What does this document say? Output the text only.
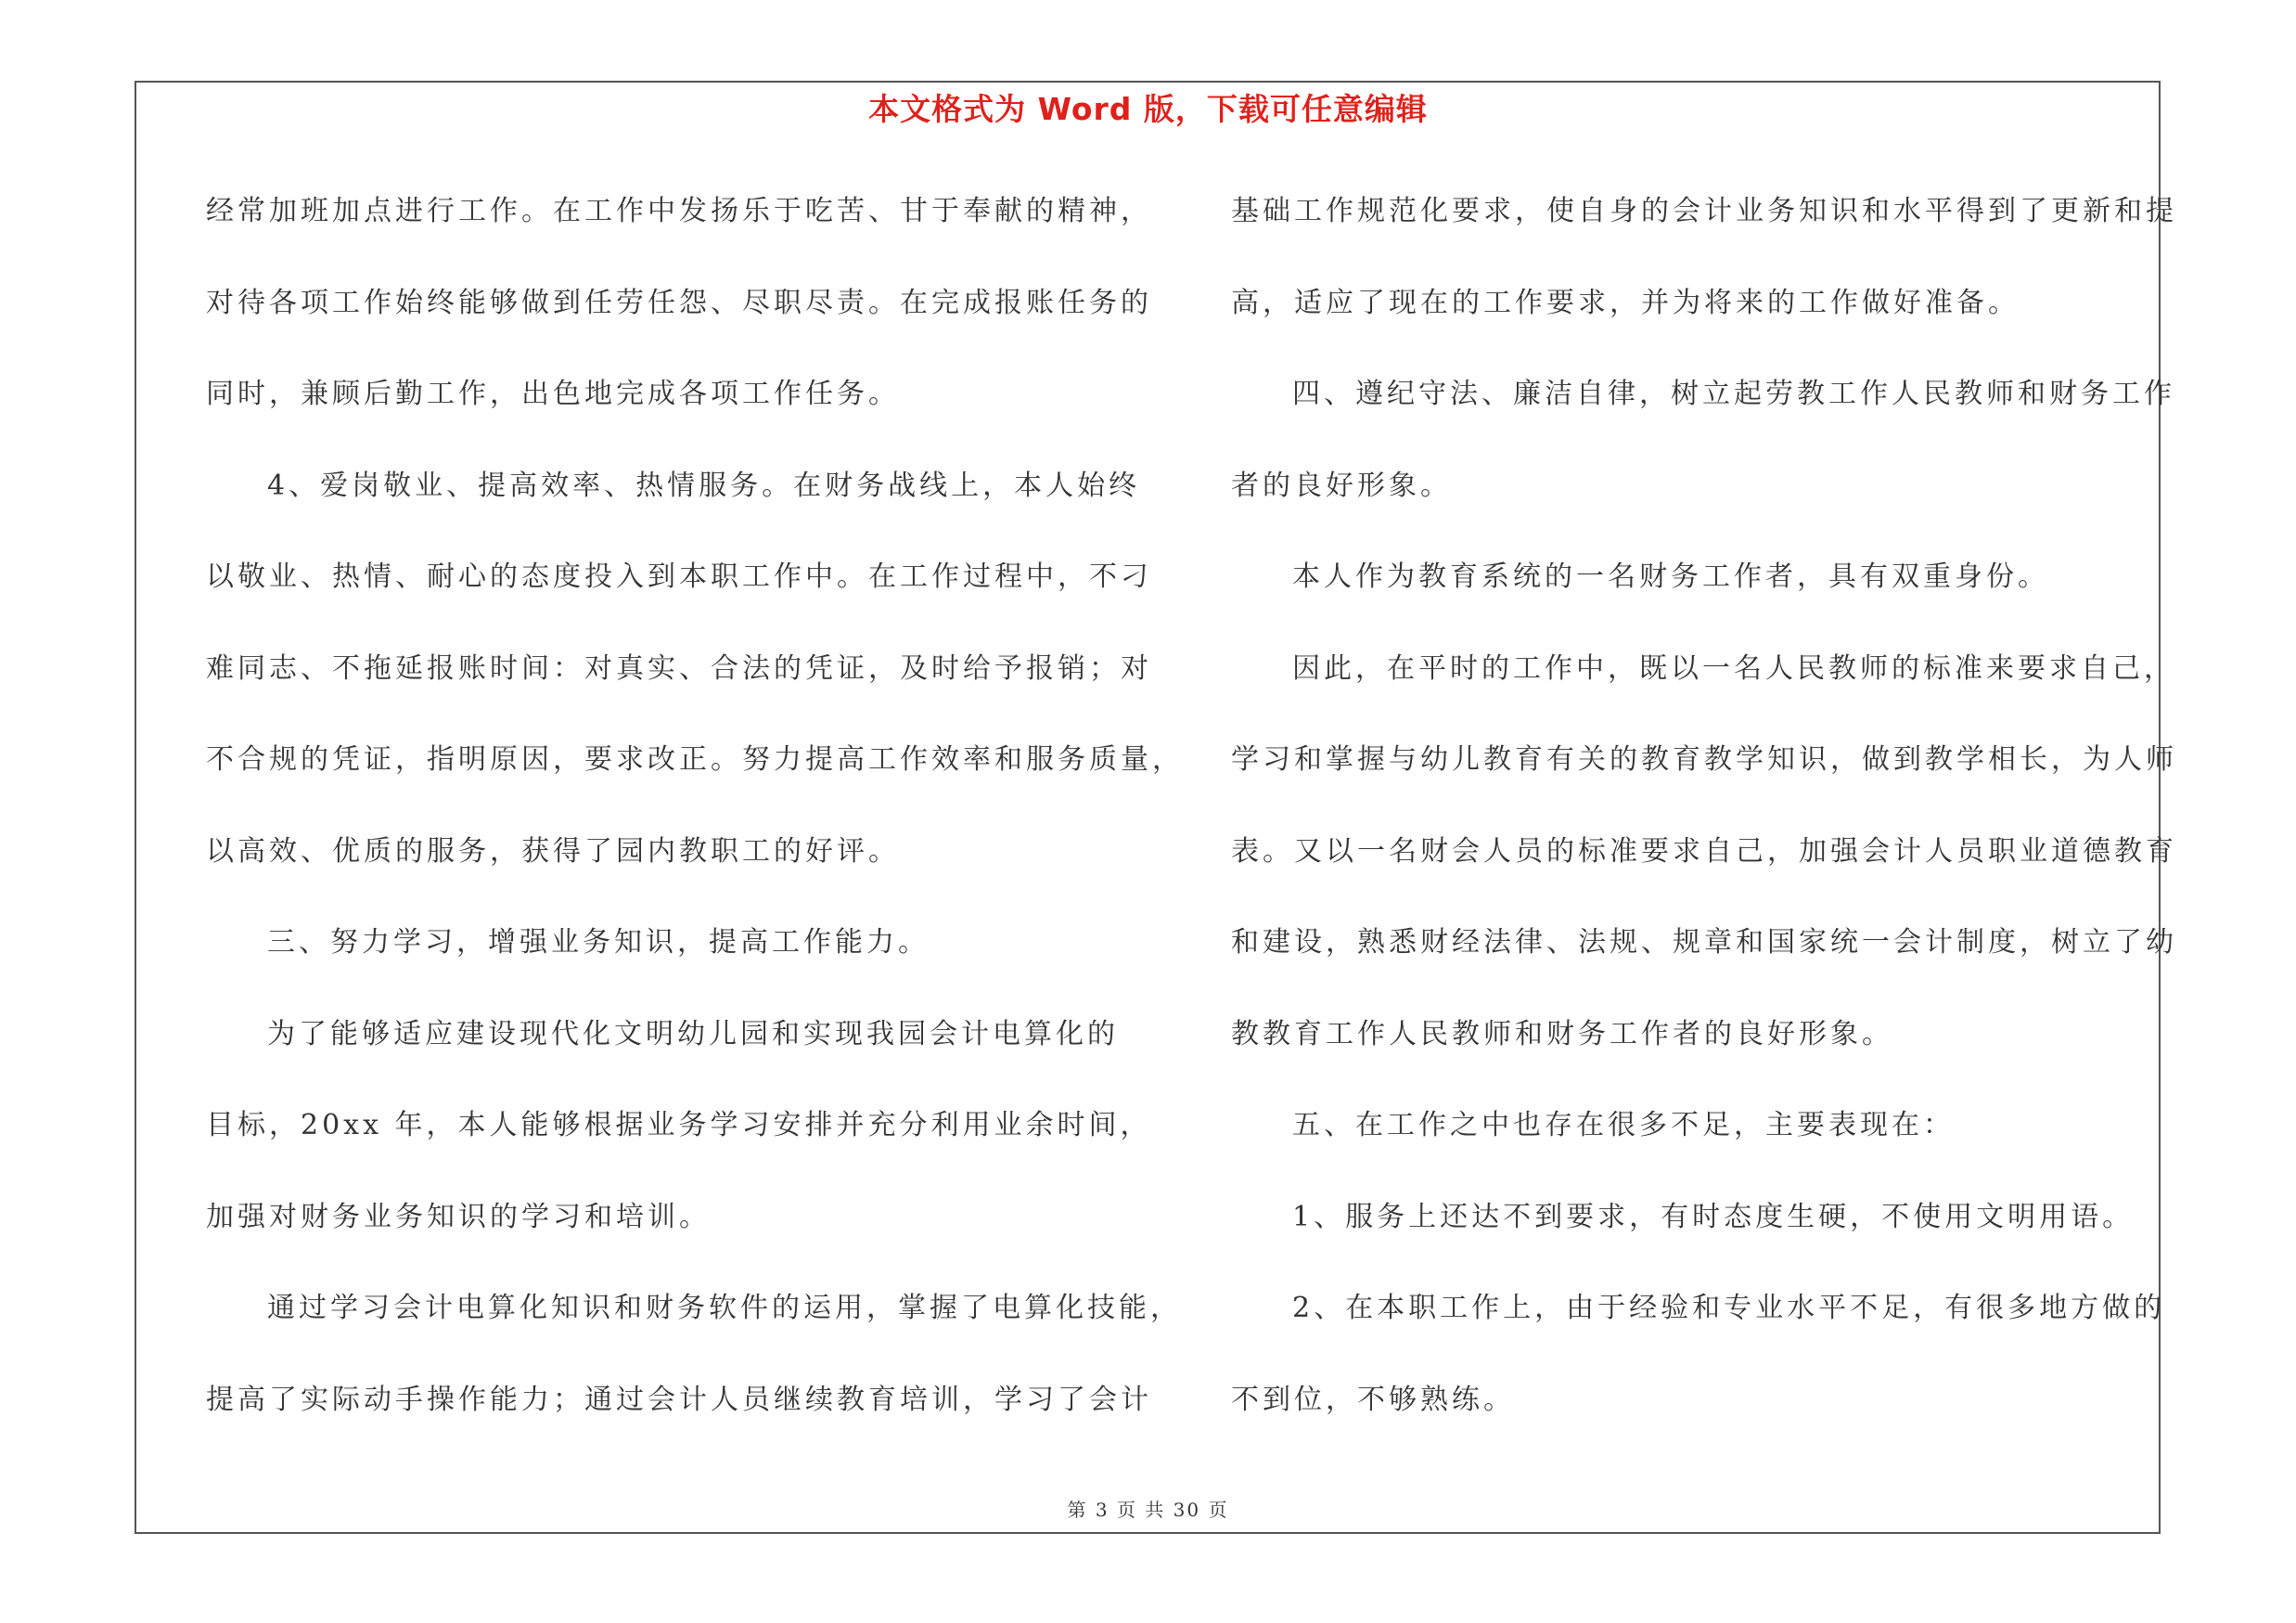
本文格式为 Word 版，下载可任意编辑
经常加班加点进行工作。在工作中发扬乐于吃苦、甘于奉献的精神，
对待各项工作始终能够做到任劳任怨、尽职尽责。在完成报账任务的
同时，兼顾后勤工作，出色地完成各项工作任务。
4、爱岗敬业、提高效率、热情服务。在财务战线上，本人始终
以敬业、热情、耐心的态度投入到本职工作中。在工作过程中，不刁
难同志、不拖延报账时间：对真实、合法的凭证，及时给予报销；对
不合规的凭证，指明原因，要求改正。努力提高工作效率和服务质量，
以高效、优质的服务，获得了园内教职工的好评。
三、努力学习，增强业务知识，提高工作能力。
为了能够适应建设现代化文明幼儿园和实现我园会计电算化的
目标，20xx 年，本人能够根据业务学习安排并充分利用业余时间，
加强对财务业务知识的学习和培训。
通过学习会计电算化知识和财务软件的运用，掌握了电算化技能，
提高了实际动手操作能力；通过会计人员继续教育培训，学习了会计
基础工作规范化要求，使自身的会计业务知识和水平得到了更新和提
高，适应了现在的工作要求，并为将来的工作做好准备。
四、遵纪守法、廉洁自律，树立起劳教工作人民教师和财务工作
者的良好形象。
本人作为教育系统的一名财务工作者，具有双重身份。
因此，在平时的工作中，既以一名人民教师的标准来要求自己，
学习和掌握与幼儿教育有关的教育教学知识，做到教学相长，为人师
表。又以一名财会人员的标准要求自己，加强会计人员职业道德教育
和建设，熟悉财经法律、法规、规章和国家统一会计制度，树立了幼
教教育工作人民教师和财务工作者的良好形象。
五、在工作之中也存在很多不足，主要表现在：
1、服务上还达不到要求，有时态度生硬，不使用文明用语。
2、在本职工作上，由于经验和专业水平不足，有很多地方做的
不到位，不够熟练。
第 3 页 共 30 页
